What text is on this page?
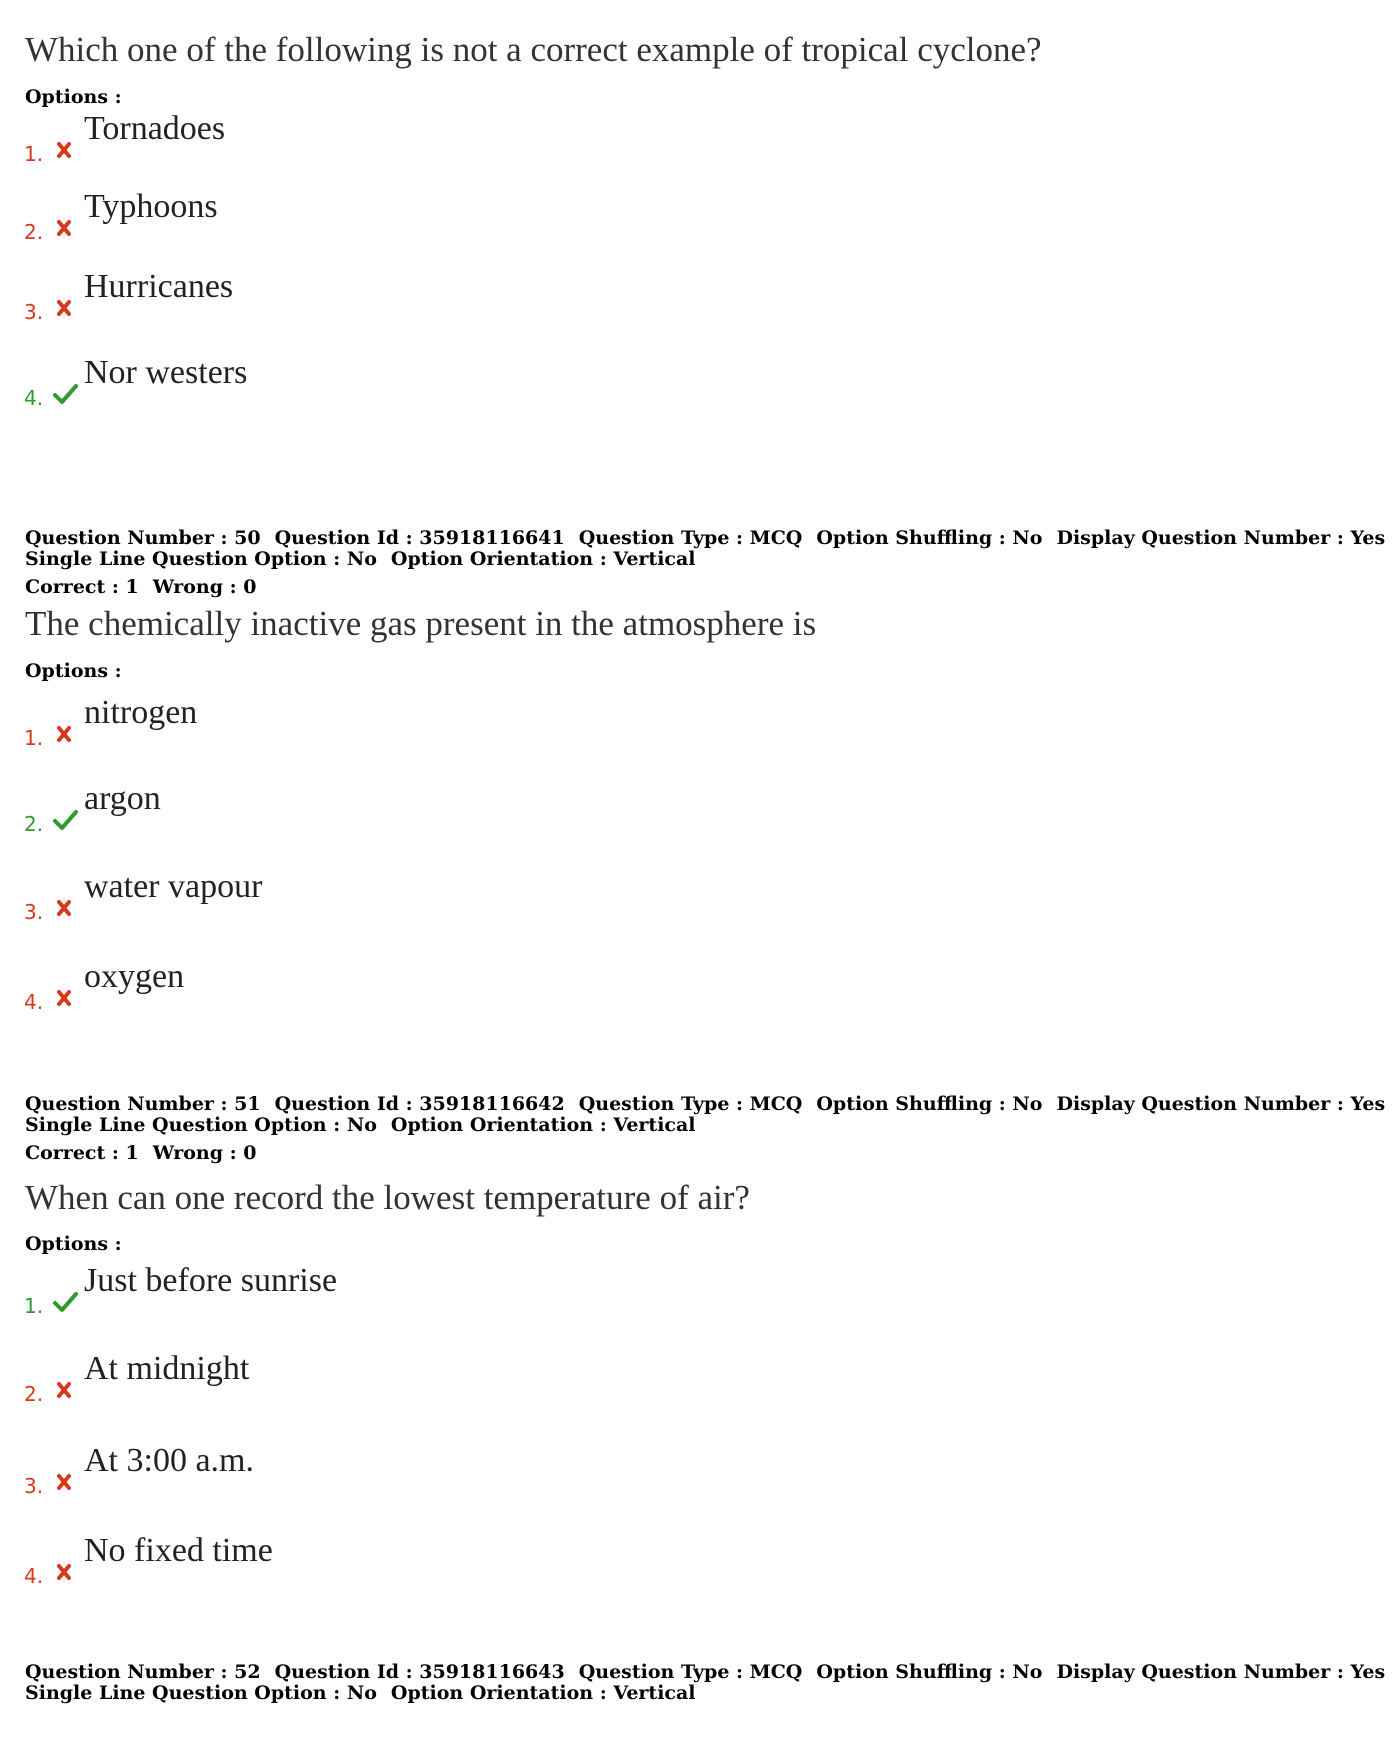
Which one of the following is not a correct example of tropical cyclone?
Options :
1.
Tornadoes
2.
Typhoons
3.
Hurricanes
4.
Nor westers
Question Number : 50 Question Id : 35918116641 Question Type : MCQ Option Shuffling : No Display Question Number : Yes
Single Line Question Option : No Option Orientation : Vertical
Correct : 1 Wrong : 0
The chemically inactive gas present in the atmosphere is
Options :
1.
nitrogen
2.
argon
3.
water vapour
4.
oxygen
Question Number : 51 Question Id : 35918116642 Question Type : MCQ Option Shuffling : No Display Question Number : Yes
Single Line Question Option : No Option Orientation : Vertical
Correct : 1 Wrong : 0
When can one record the lowest temperature of air?
Options :
1.
Just before sunrise
2.
At midnight
3.
At 3:00 a.m.
4.
No fixed time
Question Number : 52 Question Id : 35918116643 Question Type : MCQ Option Shuffling : No Display Question Number : Yes
Single Line Question Option : No Option Orientation : Vertical
